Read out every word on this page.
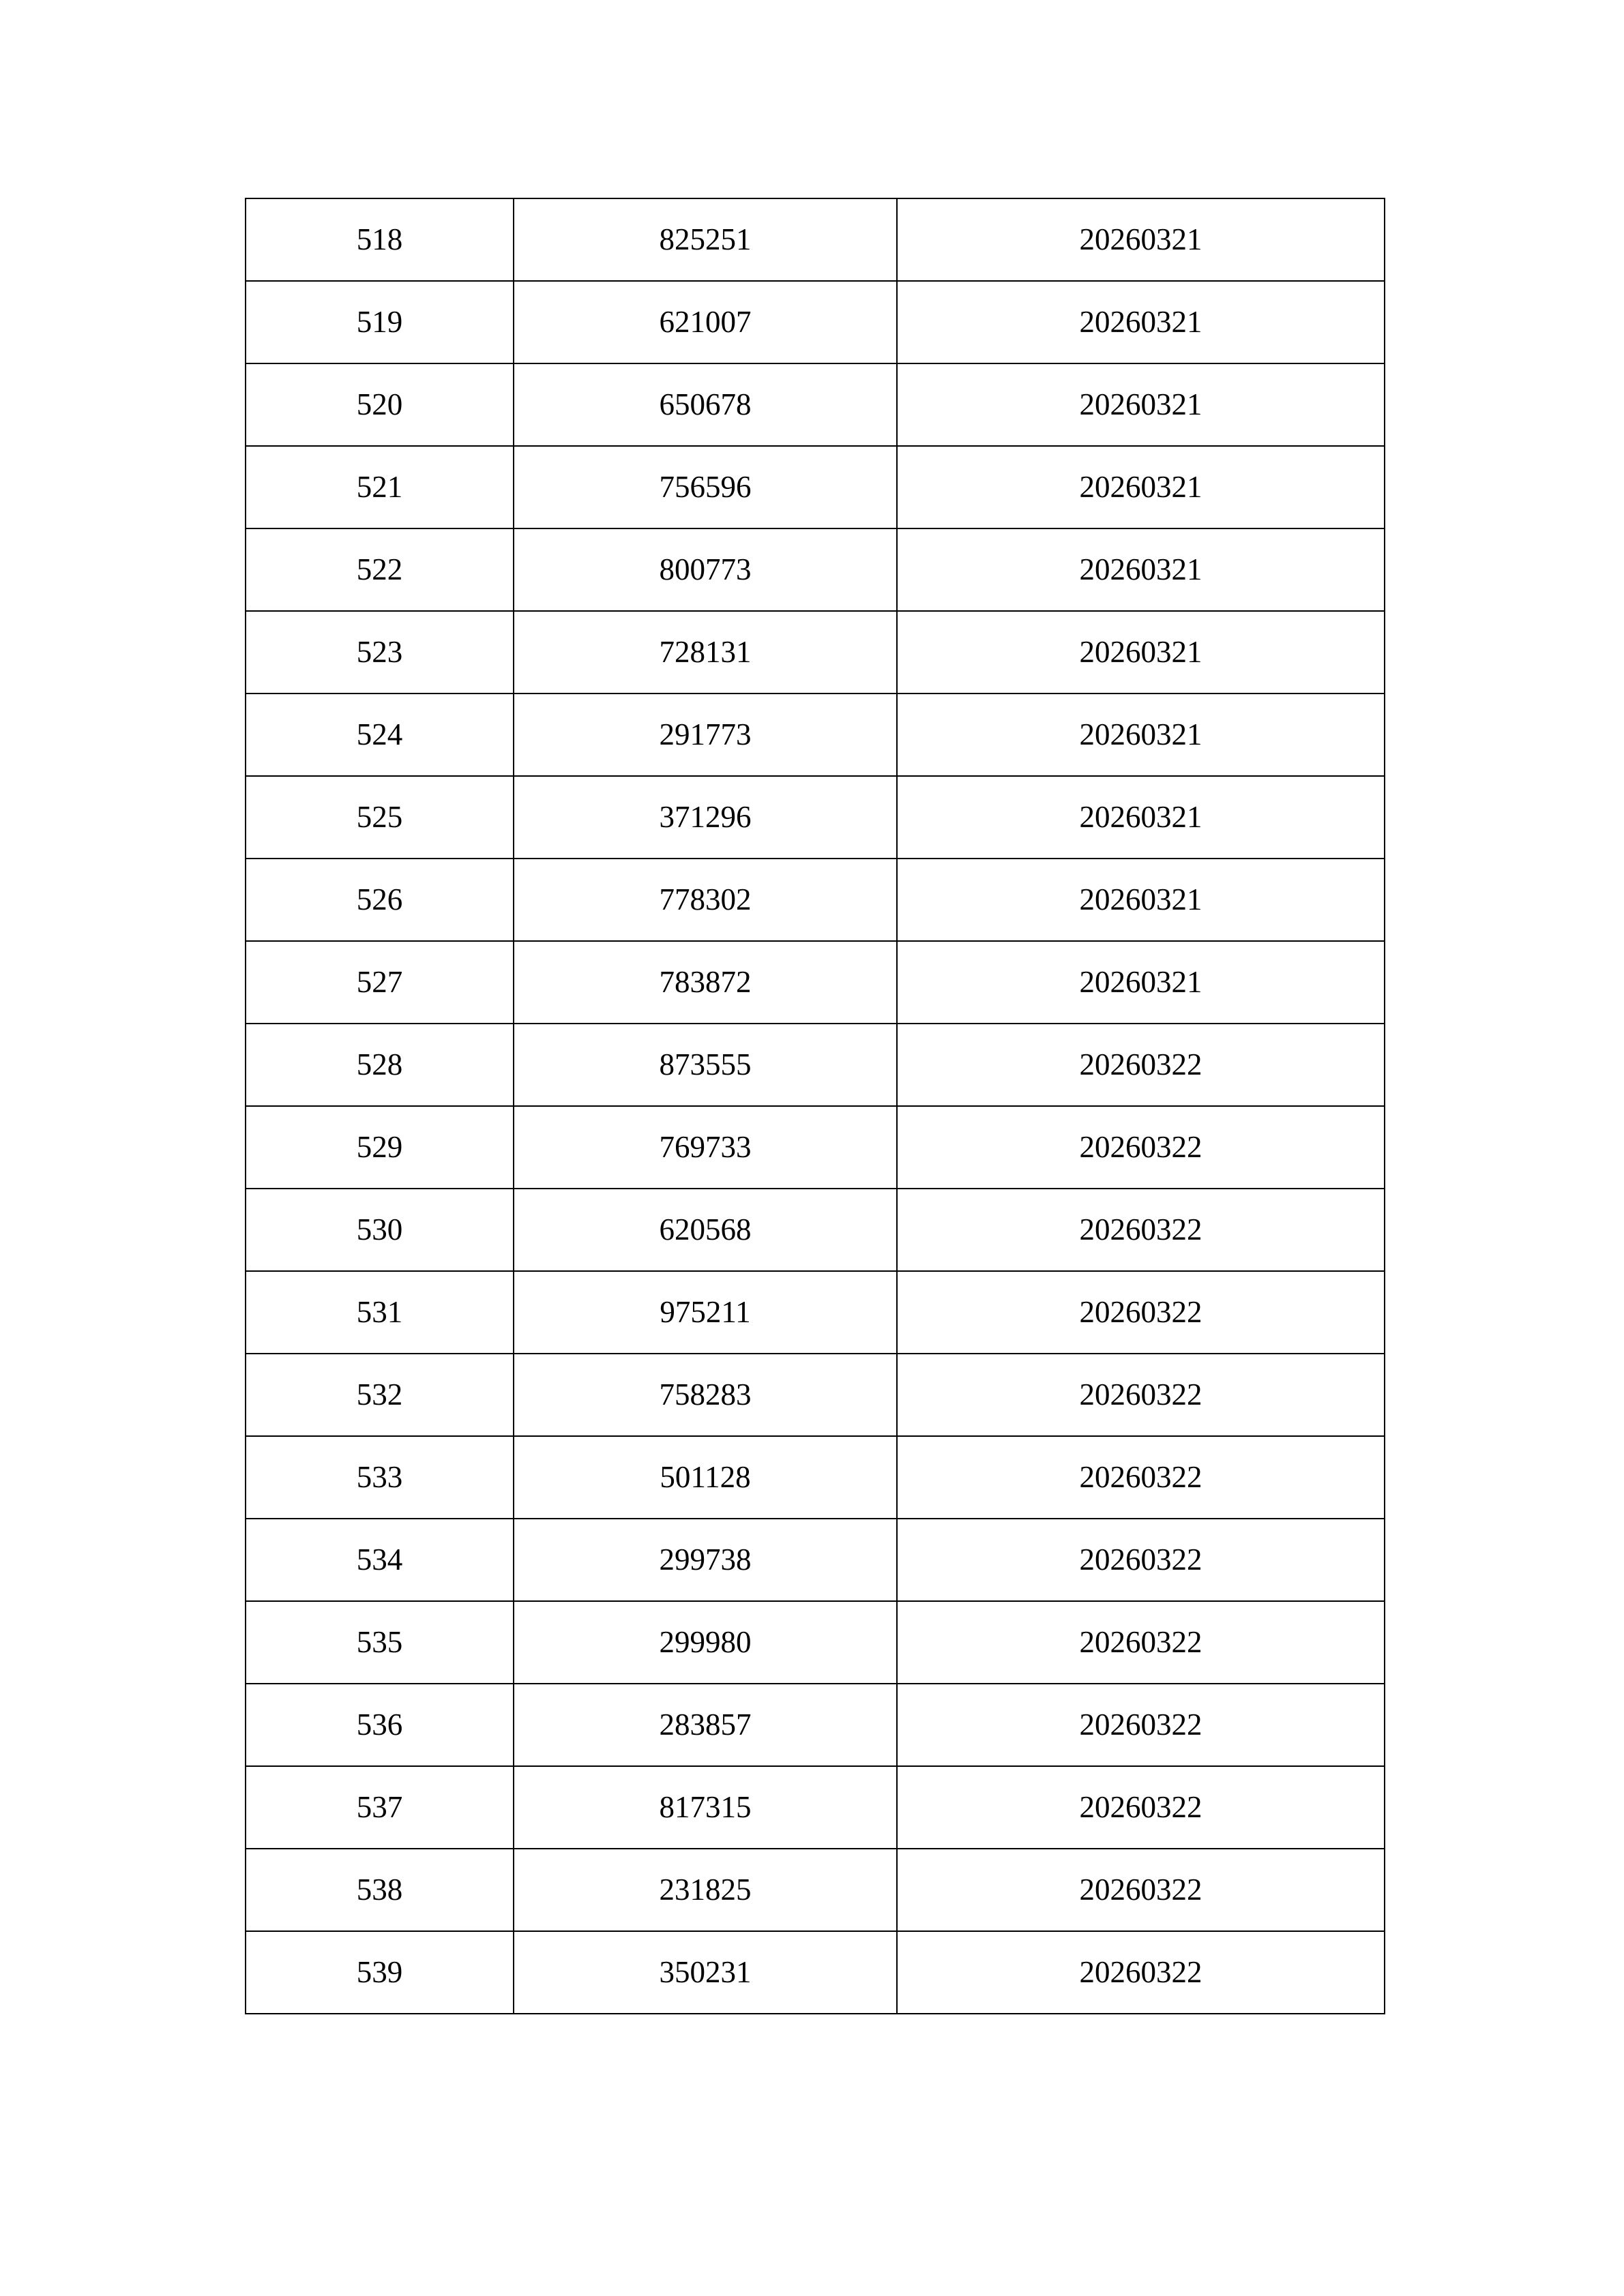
518	825251	20260321
519	621007	20260321
520	650678	20260321
521	756596	20260321
522	800773	20260321
523	728131	20260321
524	291773	20260321
525	371296	20260321
526	778302	20260321
527	783872	20260321
528	873555	20260322
529	769733	20260322
530	620568	20260322
531	975211	20260322
532	758283	20260322
533	501128	20260322
534	299738	20260322
535	299980	20260322
536	283857	20260322
537	817315	20260322
538	231825	20260322
539	350231	20260322
